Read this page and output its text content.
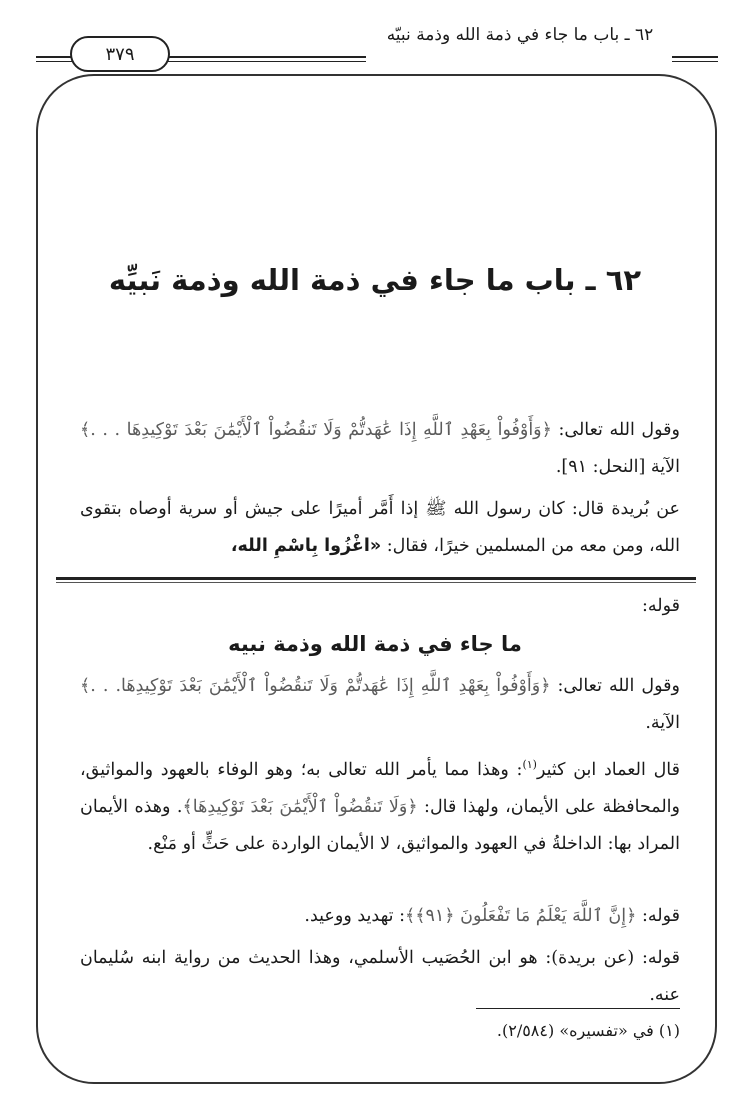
٣٧٩
٦٢ ـ باب ما جاء في ذمة الله وذمة نبيّه
٦٢ ـ باب ما جاء في ذمة الله وذمة نَبيِّه
وقول الله تعالى: ﴿وَأَوْفُواْ بِعَهْدِ ٱللَّهِ إِذَا عَٰهَدتُّمْ وَلَا تَنقُضُواْ ٱلْأَيْمَٰنَ بَعْدَ تَوْكِيدِهَا . . .﴾ الآية [النحل: ٩١].
عن بُريدة قال: كان رسول الله ﷺ إذا أَمَّر أميرًا على جيش أو سرية أوصاه بتقوى الله، ومن معه من المسلمين خيرًا، فقال: «اغْزُوا بِاسْمِ الله،
قوله:
ما جاء في ذمة الله وذمة نبيه
وقول الله تعالى: ﴿وَأَوْفُواْ بِعَهْدِ ٱللَّهِ إِذَا عَٰهَدتُّمْ وَلَا تَنقُضُواْ ٱلْأَيْمَٰنَ بَعْدَ تَوْكِيدِهَا. . .﴾ الآية.
قال العماد ابن كثير$^{(١)}$: وهذا مما يأمر الله تعالى به؛ وهو الوفاء بالعهود والمواثيق، والمحافظة على الأيمان، ولهذا قال: ﴿وَلَا تَنقُضُواْ ٱلْأَيْمَٰنَ بَعْدَ تَوْكِيدِهَا﴾. وهذه الأيمان المراد بها: الداخلةُ في العهود والمواثيق، لا الأيمان الواردة على حَثٍّ أو مَنْع.
قوله: ﴿إِنَّ ٱللَّهَ يَعْلَمُ مَا تَفْعَلُونَ ﴿٩١﴾﴾: تهديد ووعيد.
قوله: (عن بريدة): هو ابن الحُصَيب الأسلمي، وهذا الحديث من رواية ابنه سُليمان عنه.
(١) في «تفسيره» (٢/٥٨٤).
